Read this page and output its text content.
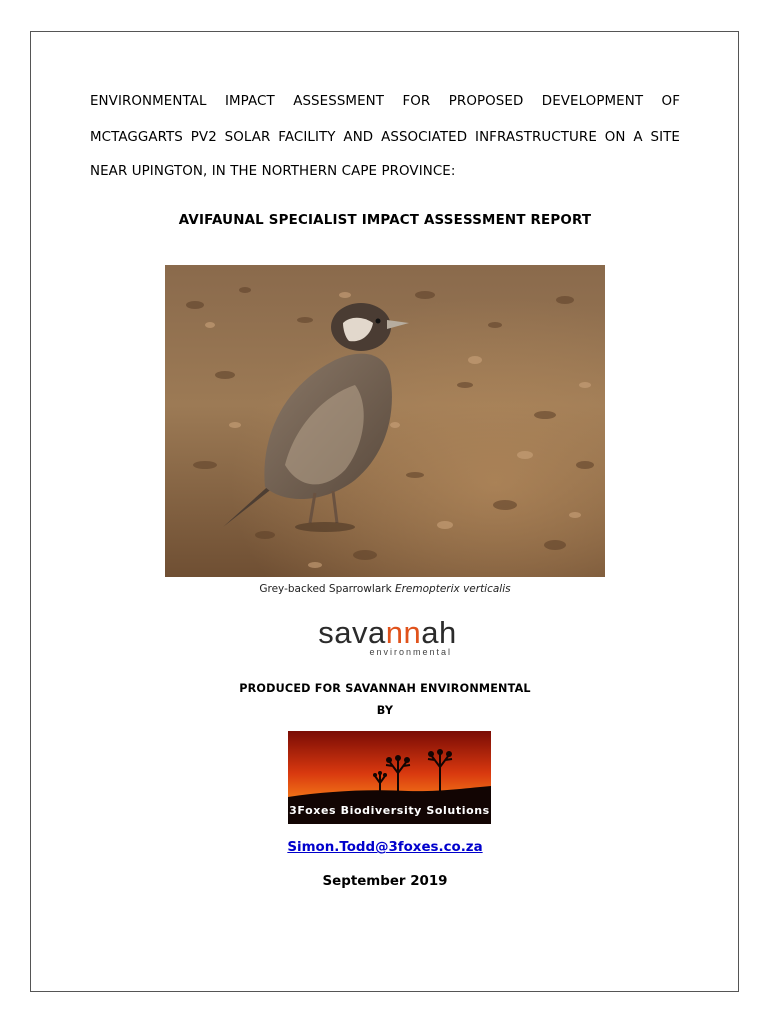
ENVIRONMENTAL IMPACT ASSESSMENT FOR PROPOSED DEVELOPMENT OF
MCTAGGARTS PV2 SOLAR FACILITY AND ASSOCIATED INFRASTRUCTURE ON A SITE
NEAR UPINGTON, IN THE NORTHERN CAPE PROVINCE:
AVIFAUNAL SPECIALIST IMPACT ASSESSMENT REPORT
Grey-backed Sparrowlark Eremopterix verticalis
savannah
environmental
PRODUCED FOR SAVANNAH ENVIRONMENTAL
BY
3Foxes Biodiversity Solutions
Simon.Todd@3foxes.co.za
September 2019
